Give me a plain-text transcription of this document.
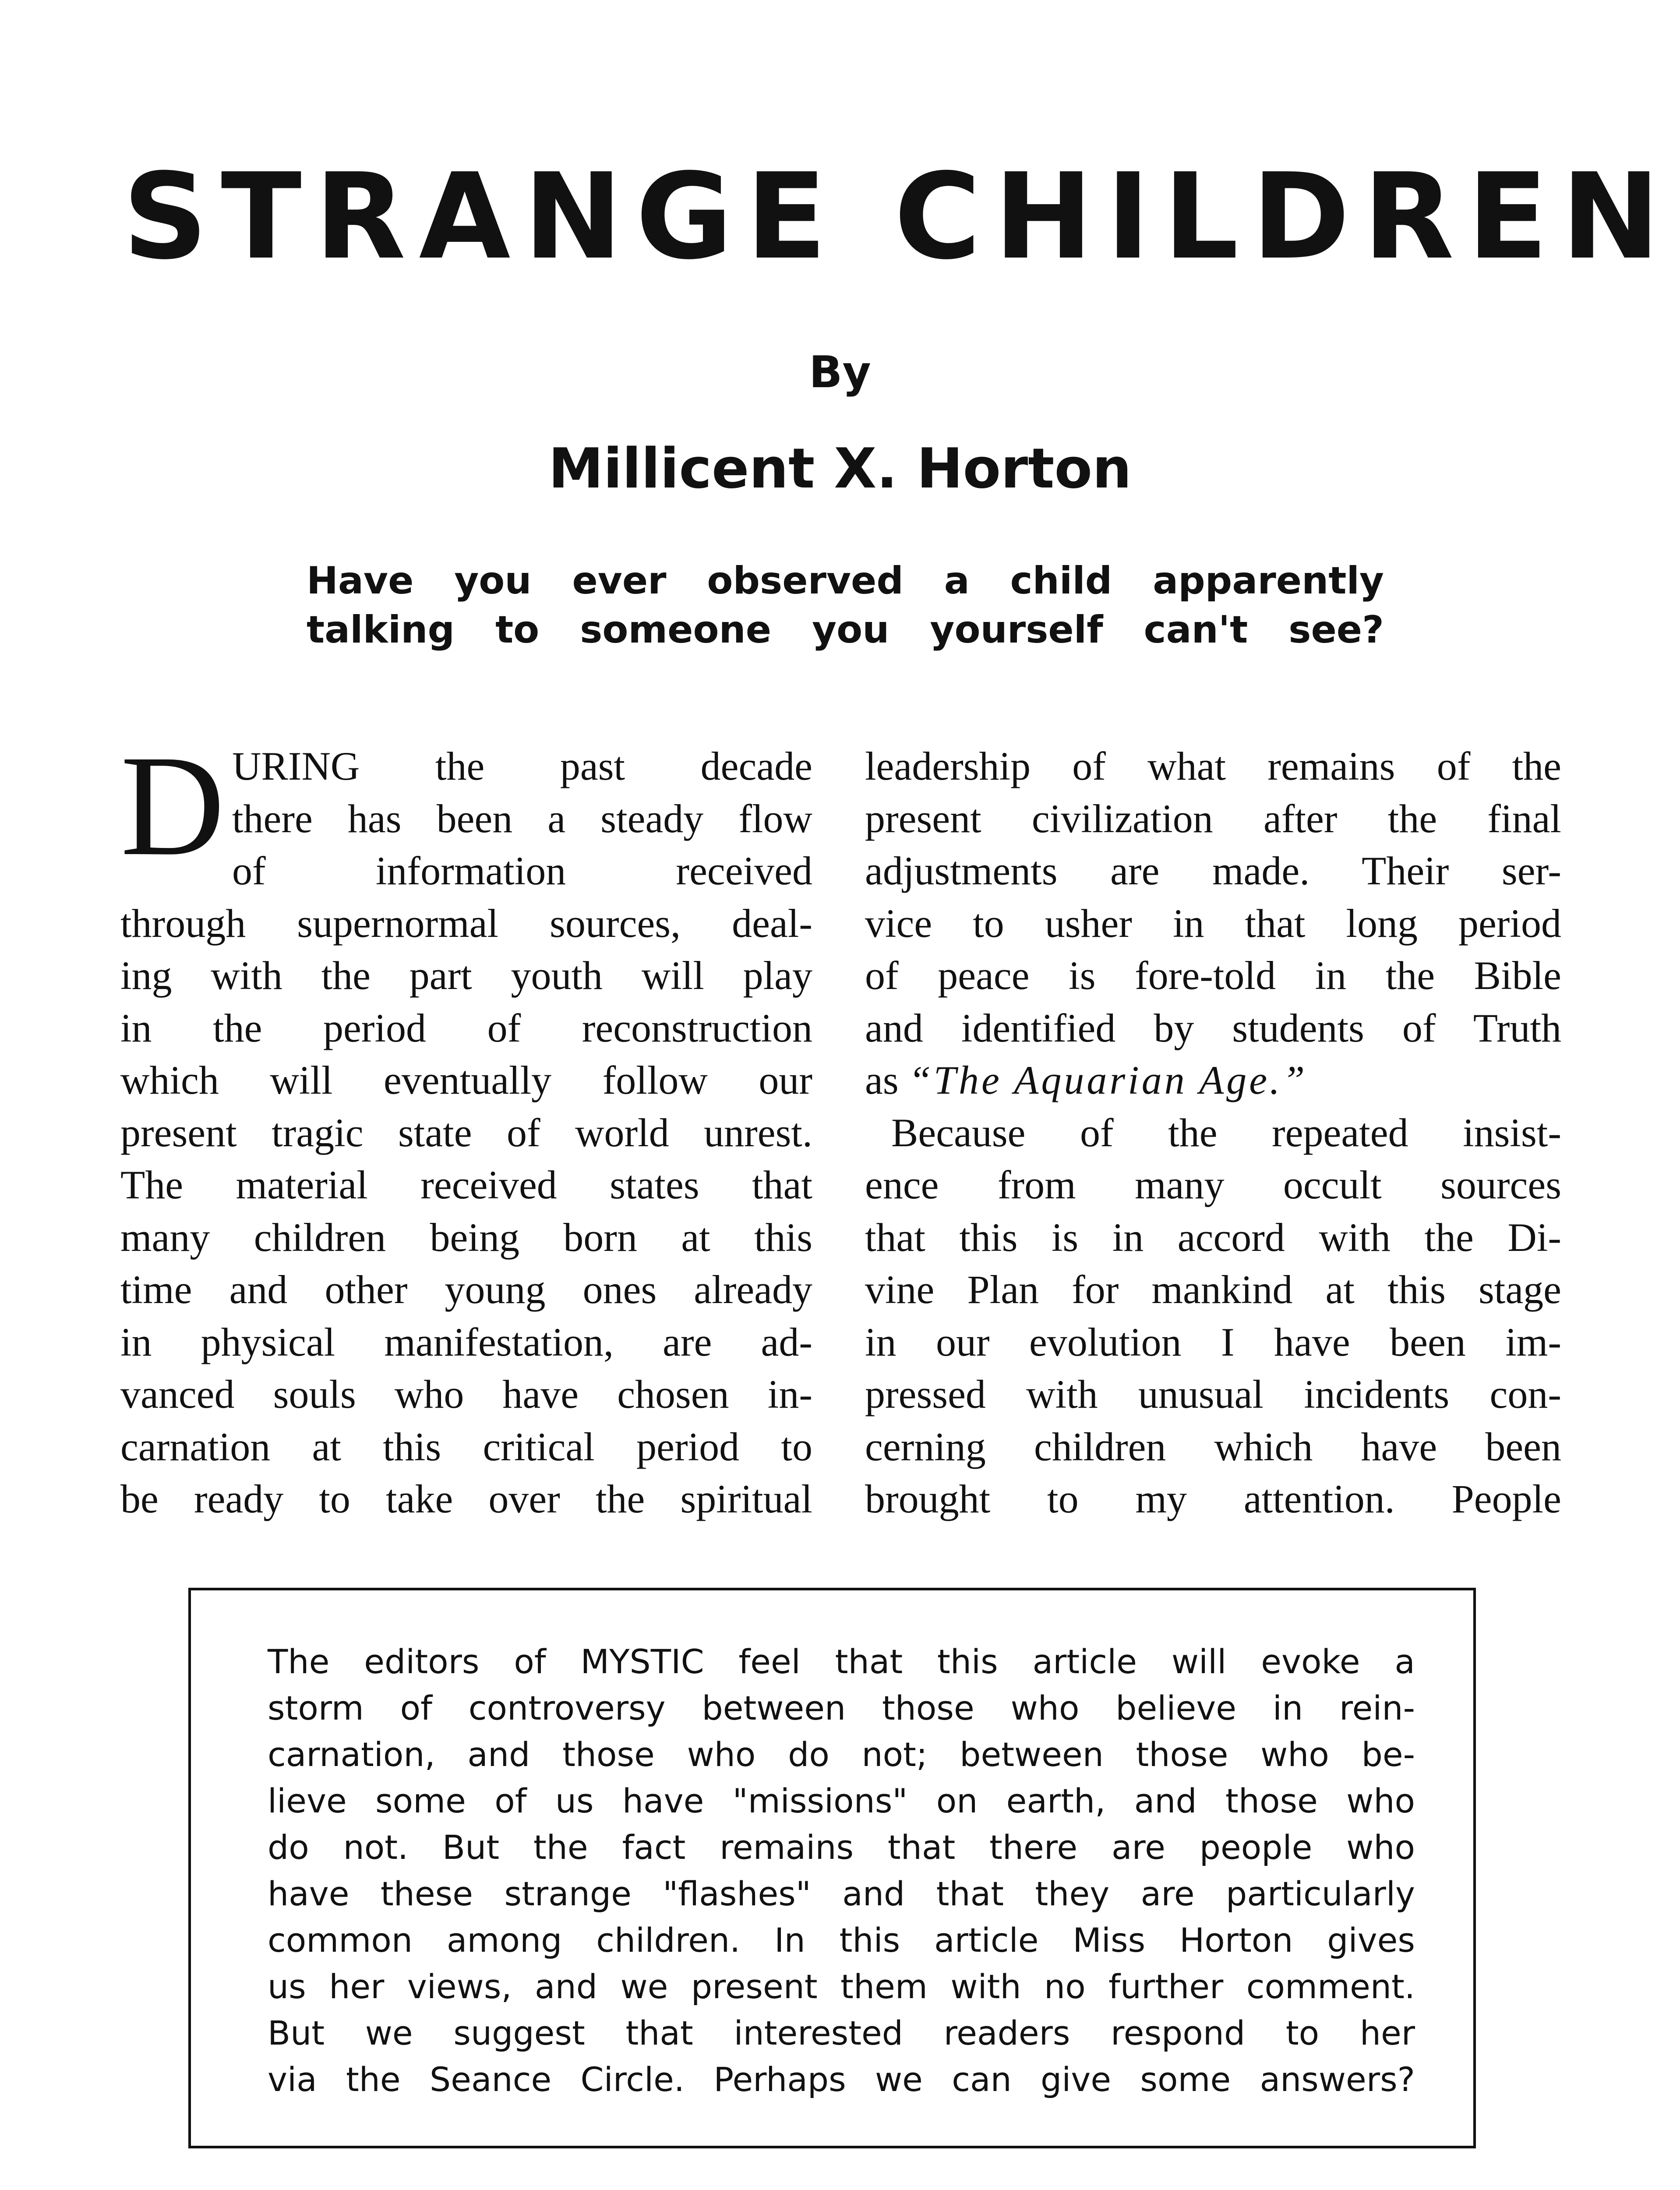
STRANGE CHILDREN
By
Millicent X. Horton
Have you ever observed a child apparently
talking to someone you yourself can't see?
D URING the past decade
there has been a steady flow
of information received
through supernormal sources, deal-
ing with the part youth will play
in the period of reconstruction
which will eventually follow our
present tragic state of world unrest.
The material received states that
many children being born at this
time and other young ones already
in physical manifestation, are ad-
vanced souls who have chosen in-
carnation at this critical period to
be ready to take over the spiritual
leadership of what remains of the
present civilization after the final
adjustments are made. Their ser-
vice to usher in that long period
of peace is fore-told in the Bible
and identified by students of Truth
as “The Aquarian Age.”
Because of the repeated insist-
ence from many occult sources
that this is in accord with the Di-
vine Plan for mankind at this stage
in our evolution I have been im-
pressed with unusual incidents con-
cerning children which have been
brought to my attention. People
The editors of MYSTIC feel that this article will evoke a
storm of controversy between those who believe in rein-
carnation, and those who do not; between those who be-
lieve some of us have "missions" on earth, and those who
do not. But the fact remains that there are people who
have these strange "flashes" and that they are particularly
common among children. In this article Miss Horton gives
us her views, and we present them with no further comment.
But we suggest that interested readers respond to her
via the Seance Circle. Perhaps we can give some answers?
